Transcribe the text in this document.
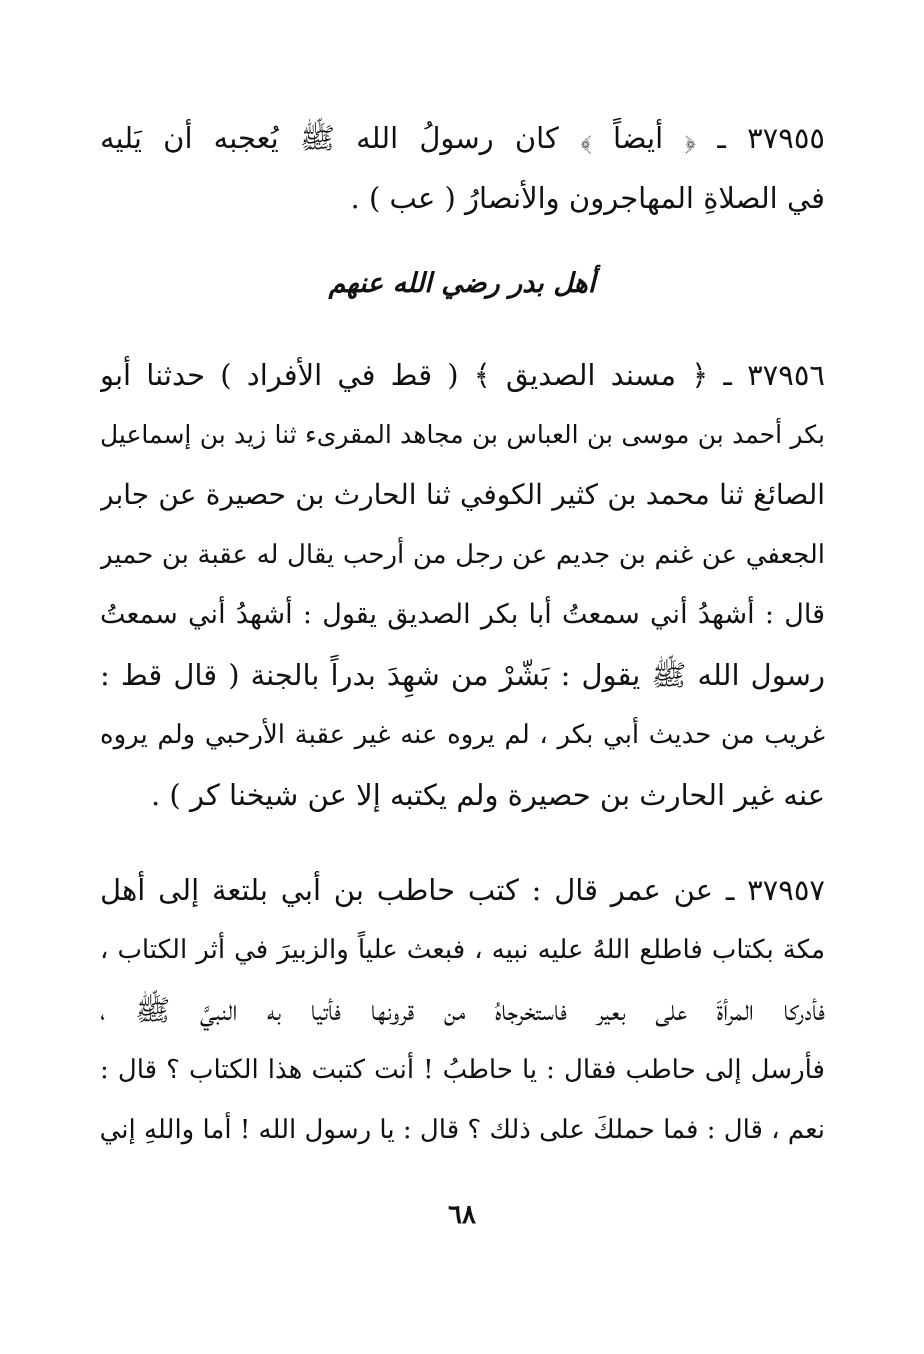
٣٧٩٥٥ ـ ﴿ أيضاً ﴾ كان رسولُ الله ﷺ يُعجبه أن يَليه
في الصلاةِ المهاجرون والأنصارُ ( عب ) .
أهل بدر رضي الله عنهم
٣٧٩٥٦ ـ ﴿ مسند الصديق ﴾ ( قط في الأفراد ) حدثنا أبو
بكر أحمد بن موسى بن العباس بن مجاهد المقرىء ثنا زيد بن إسماعيل
الصائغ ثنا محمد بن كثير الكوفي ثنا الحارث بن حصيرة عن جابر
الجعفي عن غنم بن جديم عن رجل من أرحب يقال له عقبة بن حمير
قال : أشهدُ أني سمعتُ أبا بكر الصديق يقول : أشهدُ أني سمعتُ
رسول الله ﷺ يقول : بَشّرْ من شهِدَ بدراً بالجنة ( قال قط :
غريب من حديث أبي بكر ، لم يروه عنه غير عقبة الأرحبي ولم يروه
عنه غير الحارث بن حصيرة ولم يكتبه إلا عن شيخنا كر ) .
٣٧٩٥٧ ـ عن عمر قال : كتب حاطب بن أبي بلتعة إلى أهل
مكة بكتاب فاطلع اللهُ عليه نبيه ، فبعث علياً والزبيرَ في أثر الكتاب ،
فأدركا المرأةَ على بعير فاستخرجاهُ من قرونها فأتيا به النبيَّ ﷺ ،
فأرسل إلى حاطب فقال : يا حاطبُ ! أنت كتبت هذا الكتاب ؟ قال :
نعم ، قال : فما حملكَ على ذلك ؟ قال : يا رسول الله ! أما واللهِ إني
٦٨
